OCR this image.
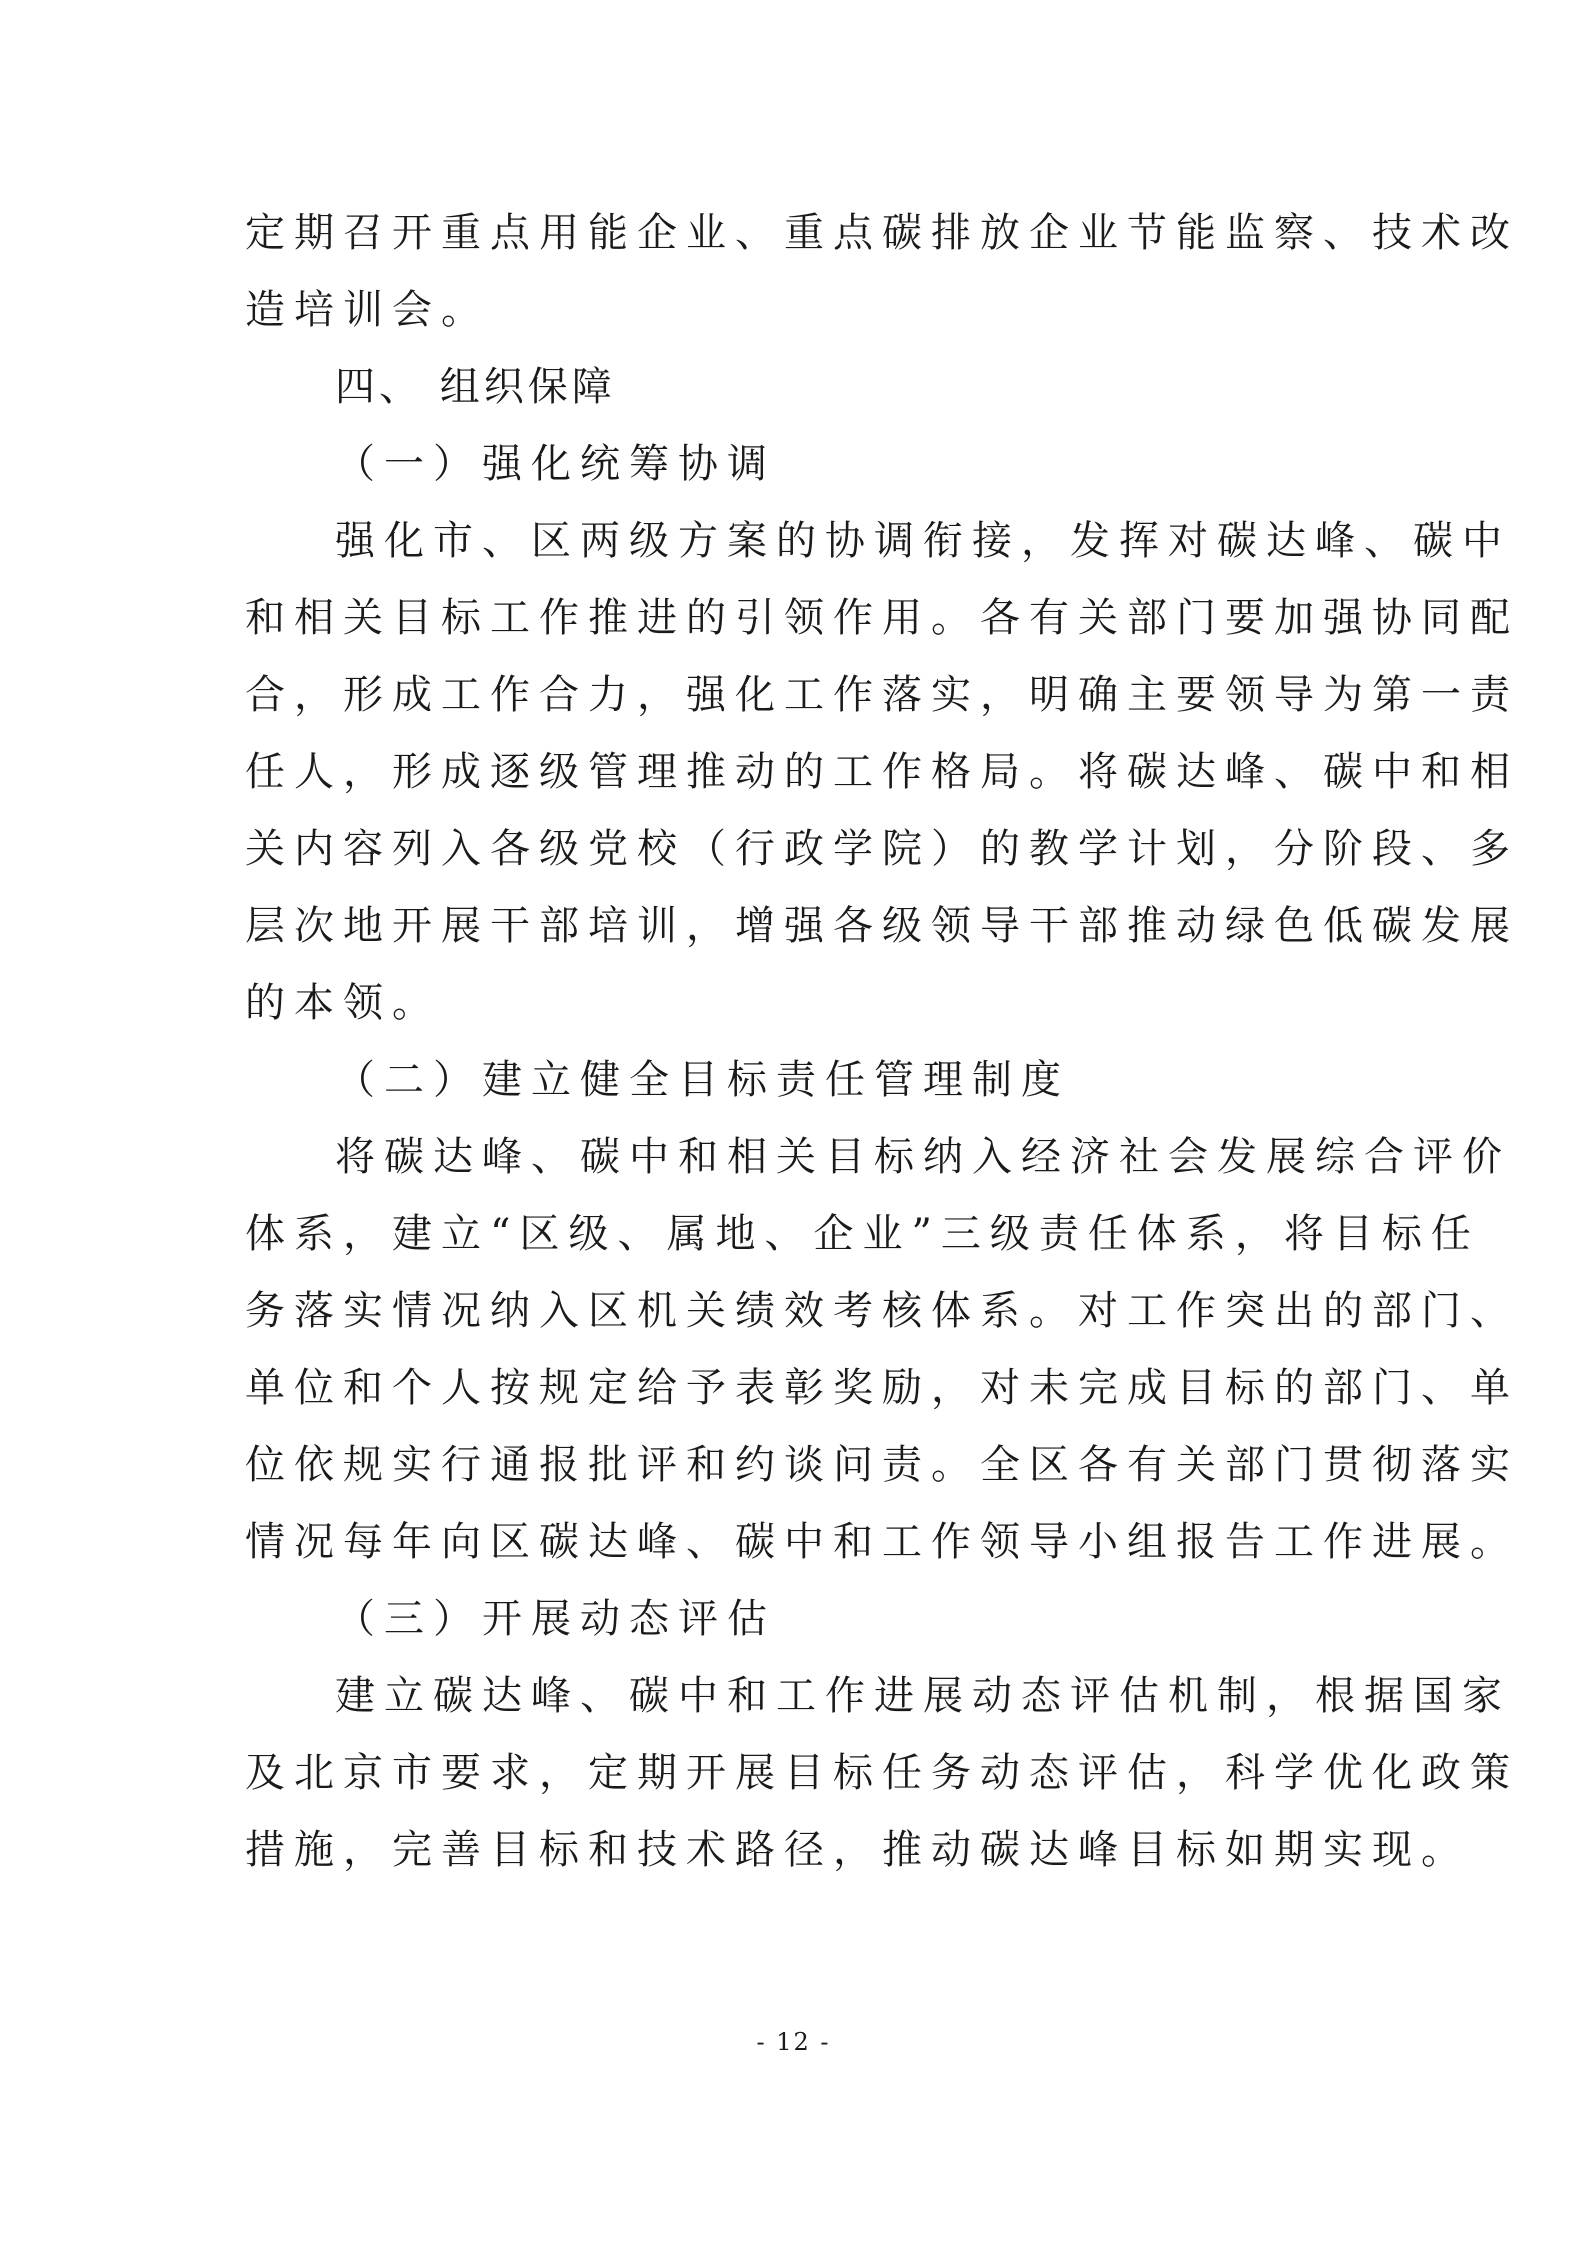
定期召开重点用能企业、重点碳排放企业节能监察、技术改
造培训会。
四、 组织保障
（一）强化统筹协调
强化市、区两级方案的协调衔接，发挥对碳达峰、碳中
和相关目标工作推进的引领作用。各有关部门要加强协同配
合，形成工作合力，强化工作落实，明确主要领导为第一责
任人，形成逐级管理推动的工作格局。将碳达峰、碳中和相
关内容列入各级党校（行政学院）的教学计划，分阶段、多
层次地开展干部培训，增强各级领导干部推动绿色低碳发展
的本领。
（二）建立健全目标责任管理制度
将碳达峰、碳中和相关目标纳入经济社会发展综合评价
体系，建立“区级、属地、企业”三级责任体系，将目标任
务落实情况纳入区机关绩效考核体系。对工作突出的部门、
单位和个人按规定给予表彰奖励，对未完成目标的部门、单
位依规实行通报批评和约谈问责。全区各有关部门贯彻落实
情况每年向区碳达峰、碳中和工作领导小组报告工作进展。
（三）开展动态评估
建立碳达峰、碳中和工作进展动态评估机制，根据国家
及北京市要求，定期开展目标任务动态评估，科学优化政策
措施，完善目标和技术路径，推动碳达峰目标如期实现。
- 12 -
